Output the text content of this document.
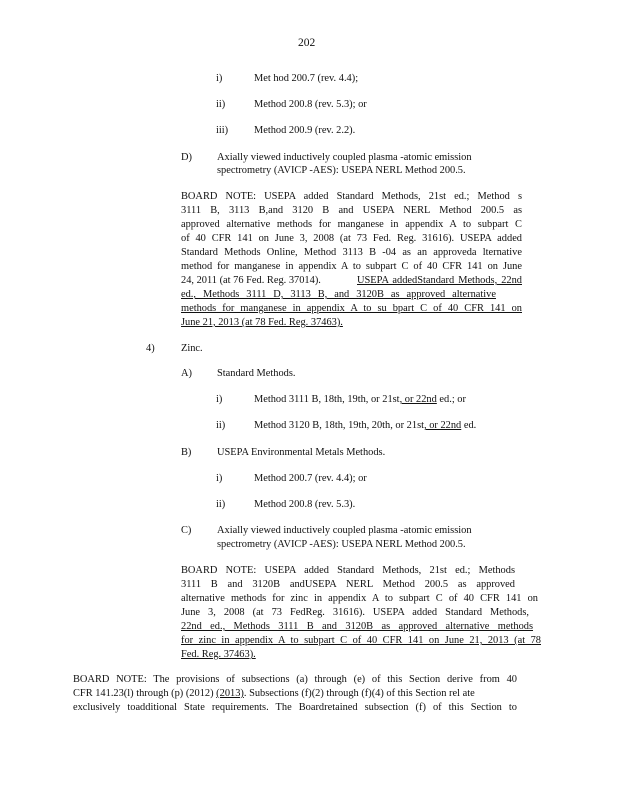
202
i)	Met hod 200.7 (rev. 4.4);
ii)	Method 200.8 (rev. 5.3); or
iii) Method 200.9 (rev. 2.2).
D) Axially viewed inductively coupled plasma -atomic emission
spectrometry (AVICP -AES): USEPA NERL Method 200.5.
BOARD NOTE: USEPA added Standard Methods, 21st ed.; Method s
3111 B, 3113 B,and 3120 B and USEPA NERL Method 200.5 as
approved alternative methods for manganese in appendix A to subpart C
of 40 CFR 141 on June 3, 2008 (at 73 Fed. Reg. 31616). USEPA added
Standard Methods Online, Method 3113 B -04 as an approveda lternative
method for manganese in appendix A to subpart C of 40 CFR 141 on June
24, 2011 (at 76 Fed. Reg. 37014).	USEPA addedStandard Methods, 22nd
ed., Methods 3111 D, 3113 B, and 3120B as approved alternative
methods for manganese in appendix A to su bpart C of 40 CFR 141 on
June 21, 2013 (at 78 Fed. Reg. 37463).
4)	Zinc.
A) Standard Methods.
i)	Method 3111 B, 18th, 19th, or 21st, or 22nd ed.; or
ii)	Method 3120 B, 18th, 19th, 20th, or 21st, or 22nd ed.
B) USEPA Environmental Metals Methods.
i)	Method 200.7 (rev. 4.4); or
ii)	Method 200.8 (rev. 5.3).
C) Axially viewed inductively coupled plasma -atomic emission
spectrometry (AVICP -AES): USEPA NERL Method 200.5.
BOARD NOTE: USEPA added Standard Methods, 21st ed.; Methods
3111 B and 3120B andUSEPA NERL Method 200.5 as approved
alternative methods for zinc in appendix A to subpart C of 40 CFR 141 on
June 3, 2008 (at 73 FedReg. 31616). USEPA added Standard Methods,
22nd ed., Methods 3111 B and 3120B as approved alternative methods
for zinc in appendix A to subpart C of 40 CFR 141 on June 21, 2013 (at 78
Fed. Reg. 37463).
BOARD NOTE: The provisions of subsections (a) through (e) of this Section derive from 40
CFR 141.23(l) through (p) (2012) (2013). Subsections (f)(2) through (f)(4) of this Section rel ate
exclusively toadditional State requirements. The Boardretained subsection (f) of this Section to
